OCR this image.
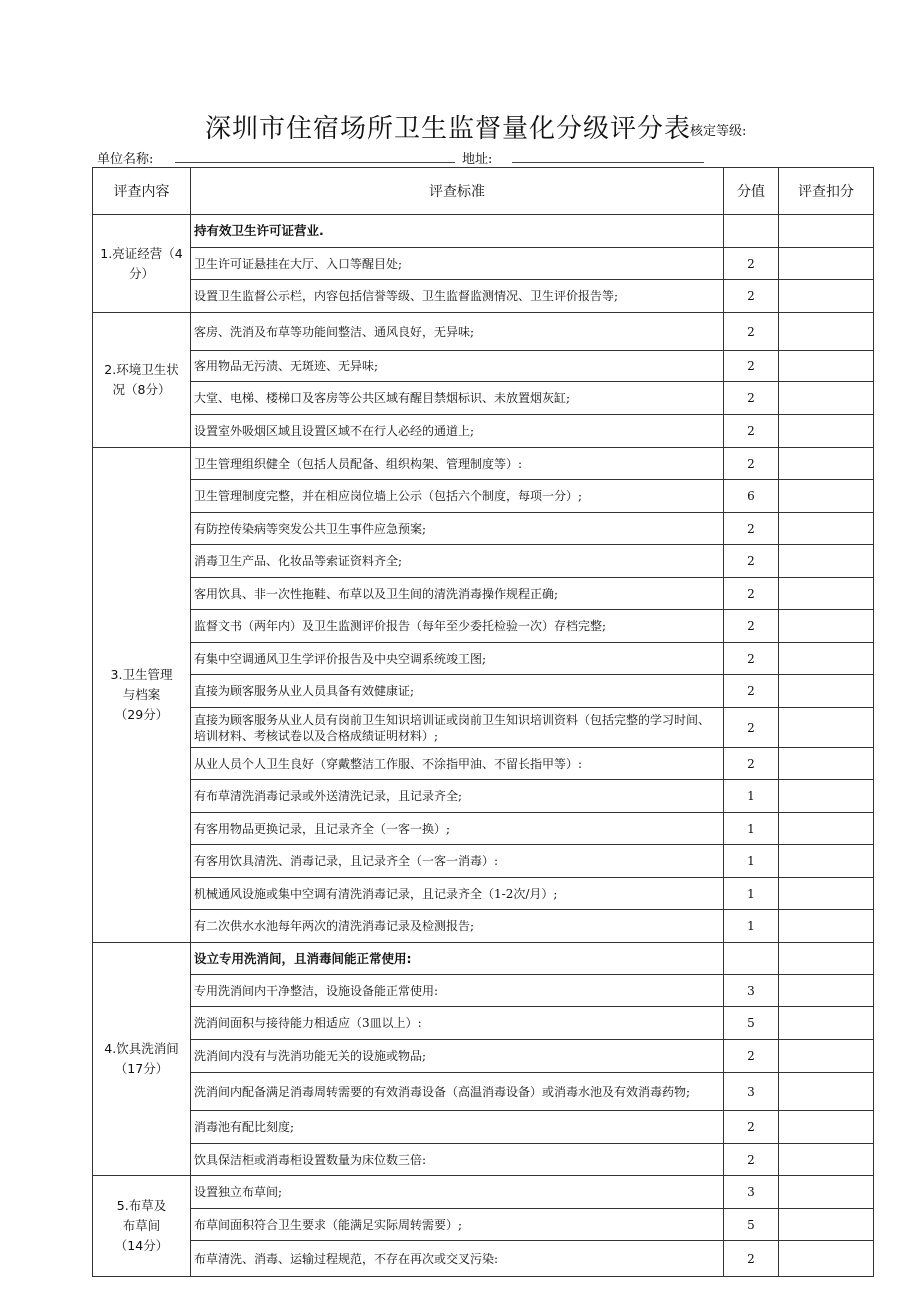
深圳市住宿场所卫生监督量化分级评分表
核定等级:
单位名称:	地址:
评查内容	评查标准	分值	评查扣分

1.亮证经营（4
分）	持有效卫生许可证营业.		
	卫生许可证悬挂在大厅、入口等醒目处;	2	
	设置卫生监督公示栏，内容包括信誉等级、卫生监督监测情况、卫生评价报告等;	2	

2.环境卫生状
况（8分）	客房、洗消及布草等功能间整洁、通风良好，无异味;	2	
	客用物品无污渍、无斑迹、无异味;	2	
	大堂、电梯、楼梯口及客房等公共区域有醒目禁烟标识、未放置烟灰缸;	2	
	设置室外吸烟区域且设置区域不在行人必经的通道上;	2	

3.卫生管理
与档案
（29分）	卫生管理组织健全（包括人员配备、组织构架、管理制度等）:	2	
	卫生管理制度完整，并在相应岗位墙上公示（包括六个制度，每项一分）;	6	
	有防控传染病等突发公共卫生事件应急预案;	2	
	消毒卫生产品、化妆品等索证资料齐全;	2	
	客用饮具、非一次性拖鞋、布草以及卫生间的清洗消毒操作规程正确;	2	
	监督文书（两年内）及卫生监测评价报告（每年至少委托检验一次）存档完整;	2	
	有集中空调通风卫生学评价报告及中央空调系统竣工图;	2	
	直接为顾客服务从业人员具备有效健康证;	2	
	直接为顾客服务从业人员有岗前卫生知识培训证或岗前卫生知识培训资料（包括完整的学习时间、培训材料、考核试卷以及合格成绩证明材料）;	2	
	从业人员个人卫生良好（穿戴整洁工作服、不涂指甲油、不留长指甲等）:	2	
	有布草清洗消毒记录或外送清洗记录，且记录齐全;	1	
	有客用物品更换记录，且记录齐全（一客一换）;	1	
	有客用饮具清洗、消毒记录，且记录齐全（一客一消毒）:	1	
	机械通风设施或集中空调有清洗消毒记录，且记录齐全（1-2次/月）;	1	
	有二次供水水池每年两次的清洗消毒记录及检测报告;	1	

4.饮具洗消间
（17分）	设立专用洗消间，且消毒间能正常使用:		
	专用洗消间内干净整洁，设施设备能正常使用:	3	
	洗消间面积与接待能力相适应（3皿以上）:	5	
	洗消间内没有与洗消功能无关的设施或物品;	2	
	洗消间内配备满足消毒周转需要的有效消毒设备（高温消毒设备）或消毒水池及有效消毒药物;	3	
	消毒池有配比刻度;	2	
	饮具保洁柜或消毒柜设置数量为床位数三倍:	2	

5.布草及
布草间
（14分）	设置独立布草间;	3	
	布草间面积符合卫生要求（能满足实际周转需要）;	5	
	布草清洗、消毒、运输过程规范，不存在再次或交叉污染:	2	
